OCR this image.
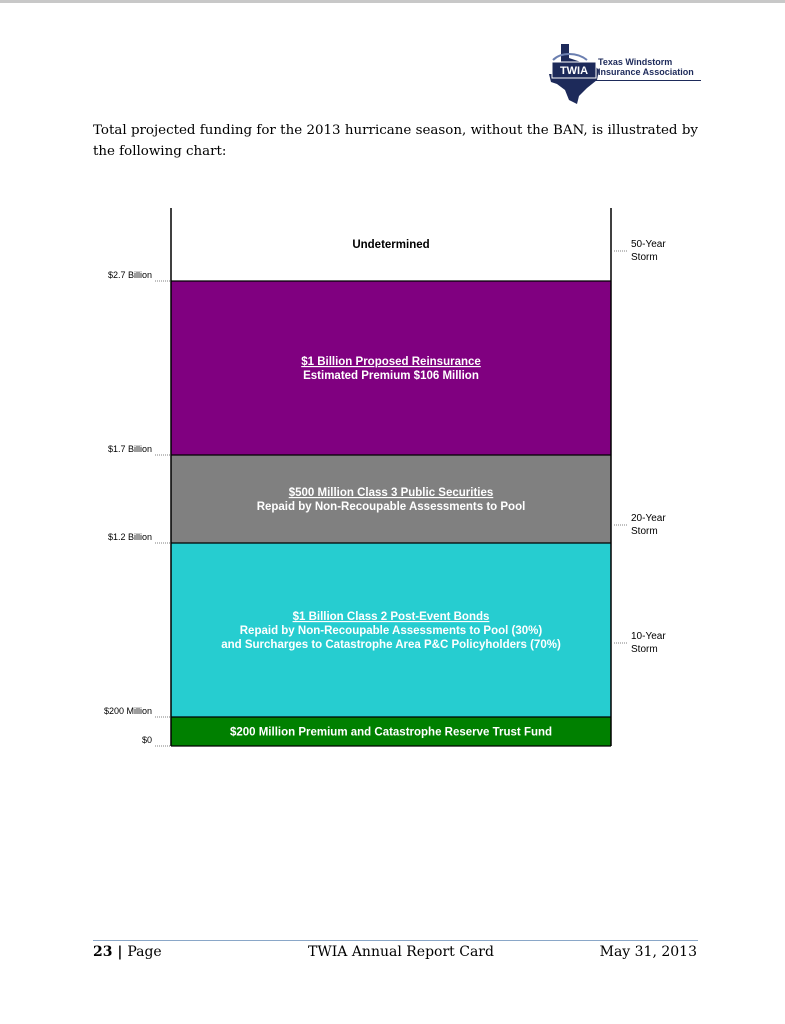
TWIA
Texas Windstorm
Insurance Association

Total projected funding for the 2013 hurricane season, without the BAN, is illustrated by the following chart:

$200 Million Premium and Catastrophe Reserve Trust Fund
$1 Billion Class 2 Post-Event Bonds
Repaid by Non-Recoupable Assessments to Pool (30%)
and Surcharges to Catastrophe Area P&C Policyholders (70%)
$500 Million Class 3 Public Securities
Repaid by Non-Recoupable Assessments to Pool
$1 Billion Proposed Reinsurance
Estimated Premium $106 Million
Undetermined
$0
$200 Million
$1.2 Billion
$1.7 Billion
$2.7 Billion
10-Year
Storm
20-Year
Storm
50-Year
Storm
23 | Page	TWIA Annual Report Card	May 31, 2013
